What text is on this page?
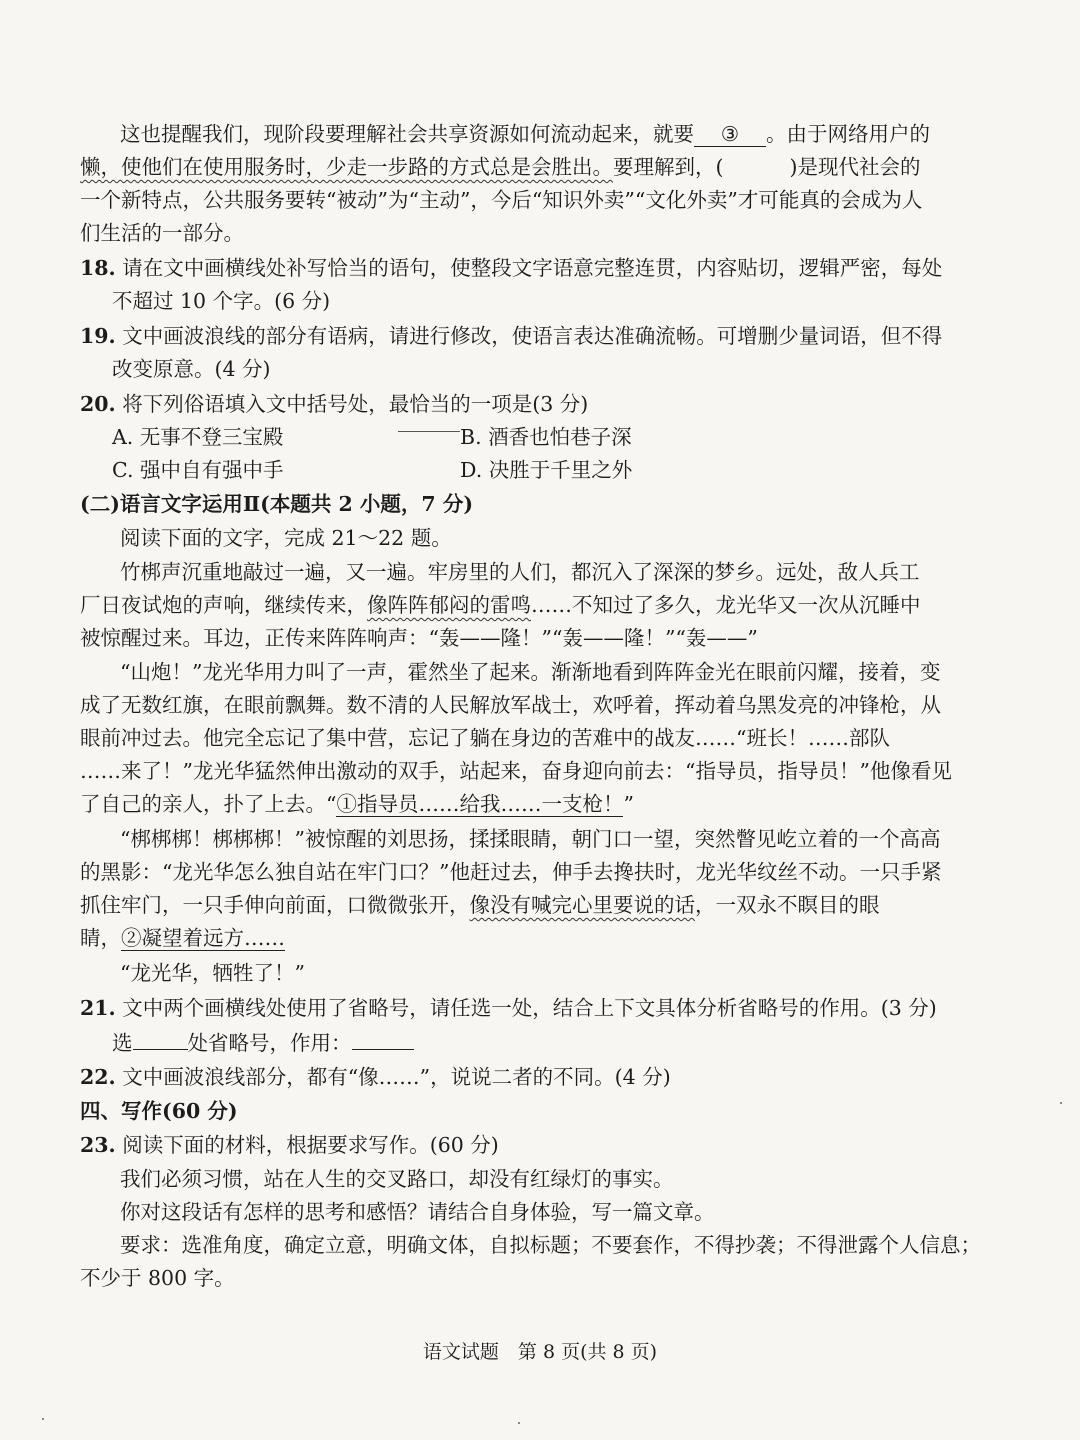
这也提醒我们，现阶段要理解社会共享资源如何流动起来，就要 ③ 。由于网络用户的
懒，使他们在使用服务时，少走一步路的方式总是会胜出。要理解到，(	)是现代社会的
一个新特点，公共服务要转“被动”为“主动”，今后“知识外卖”“文化外卖”才可能真的会成为人
们生活的一部分。
18. 请在文中画横线处补写恰当的语句，使整段文字语意完整连贯，内容贴切，逻辑严密，每处
不超过 10 个字。(6 分)
19. 文中画波浪线的部分有语病，请进行修改，使语言表达准确流畅。可增删少量词语，但不得
改变原意。(4 分)
20. 将下列俗语填入文中括号处，最恰当的一项是(3 分)
A. 无事不登三宝殿	B. 酒香也怕巷子深
C. 强中自有强中手	D. 决胜于千里之外
(二)语言文字运用Ⅱ(本题共 2 小题，7 分)
阅读下面的文字，完成 21～22 题。
竹梆声沉重地敲过一遍，又一遍。牢房里的人们，都沉入了深深的梦乡。远处，敌人兵工
厂日夜试炮的声响，继续传来，像阵阵郁闷的雷鸣……不知过了多久，龙光华又一次从沉睡中
被惊醒过来。耳边，正传来阵阵响声：“轰——隆！”“轰——隆！”“轰——”
“山炮！”龙光华用力叫了一声，霍然坐了起来。渐渐地看到阵阵金光在眼前闪耀，接着，变
成了无数红旗，在眼前飘舞。数不清的人民解放军战士，欢呼着，挥动着乌黑发亮的冲锋枪，从
眼前冲过去。他完全忘记了集中营，忘记了躺在身边的苦难中的战友……“班长！……部队
……来了！”龙光华猛然伸出激动的双手，站起来，奋身迎向前去：“指导员，指导员！”他像看见
了自己的亲人，扑了上去。“①指导员……给我……一支枪！”
“梆梆梆！梆梆梆！”被惊醒的刘思扬，揉揉眼睛，朝门口一望，突然瞥见屹立着的一个高高
的黑影：“龙光华怎么独自站在牢门口？”他赶过去，伸手去搀扶时，龙光华纹丝不动。一只手紧
抓住牢门，一只手伸向前面，口微微张开，像没有喊完心里要说的话，一双永不瞑目的眼
睛，②凝望着远方……
“龙光华，牺牲了！”
21. 文中两个画横线处使用了省略号，请任选一处，结合上下文具体分析省略号的作用。(3 分)
选	处省略号，作用：
22. 文中画波浪线部分，都有“像……”，说说二者的不同。(4 分)
四、写作(60 分)
23. 阅读下面的材料，根据要求写作。(60 分)
我们必须习惯，站在人生的交叉路口，却没有红绿灯的事实。
你对这段话有怎样的思考和感悟？请结合自身体验，写一篇文章。
要求：选准角度，确定立意，明确文体，自拟标题；不要套作，不得抄袭；不得泄露个人信息；
不少于 800 字。
语文试题　第 8 页(共 8 页)
